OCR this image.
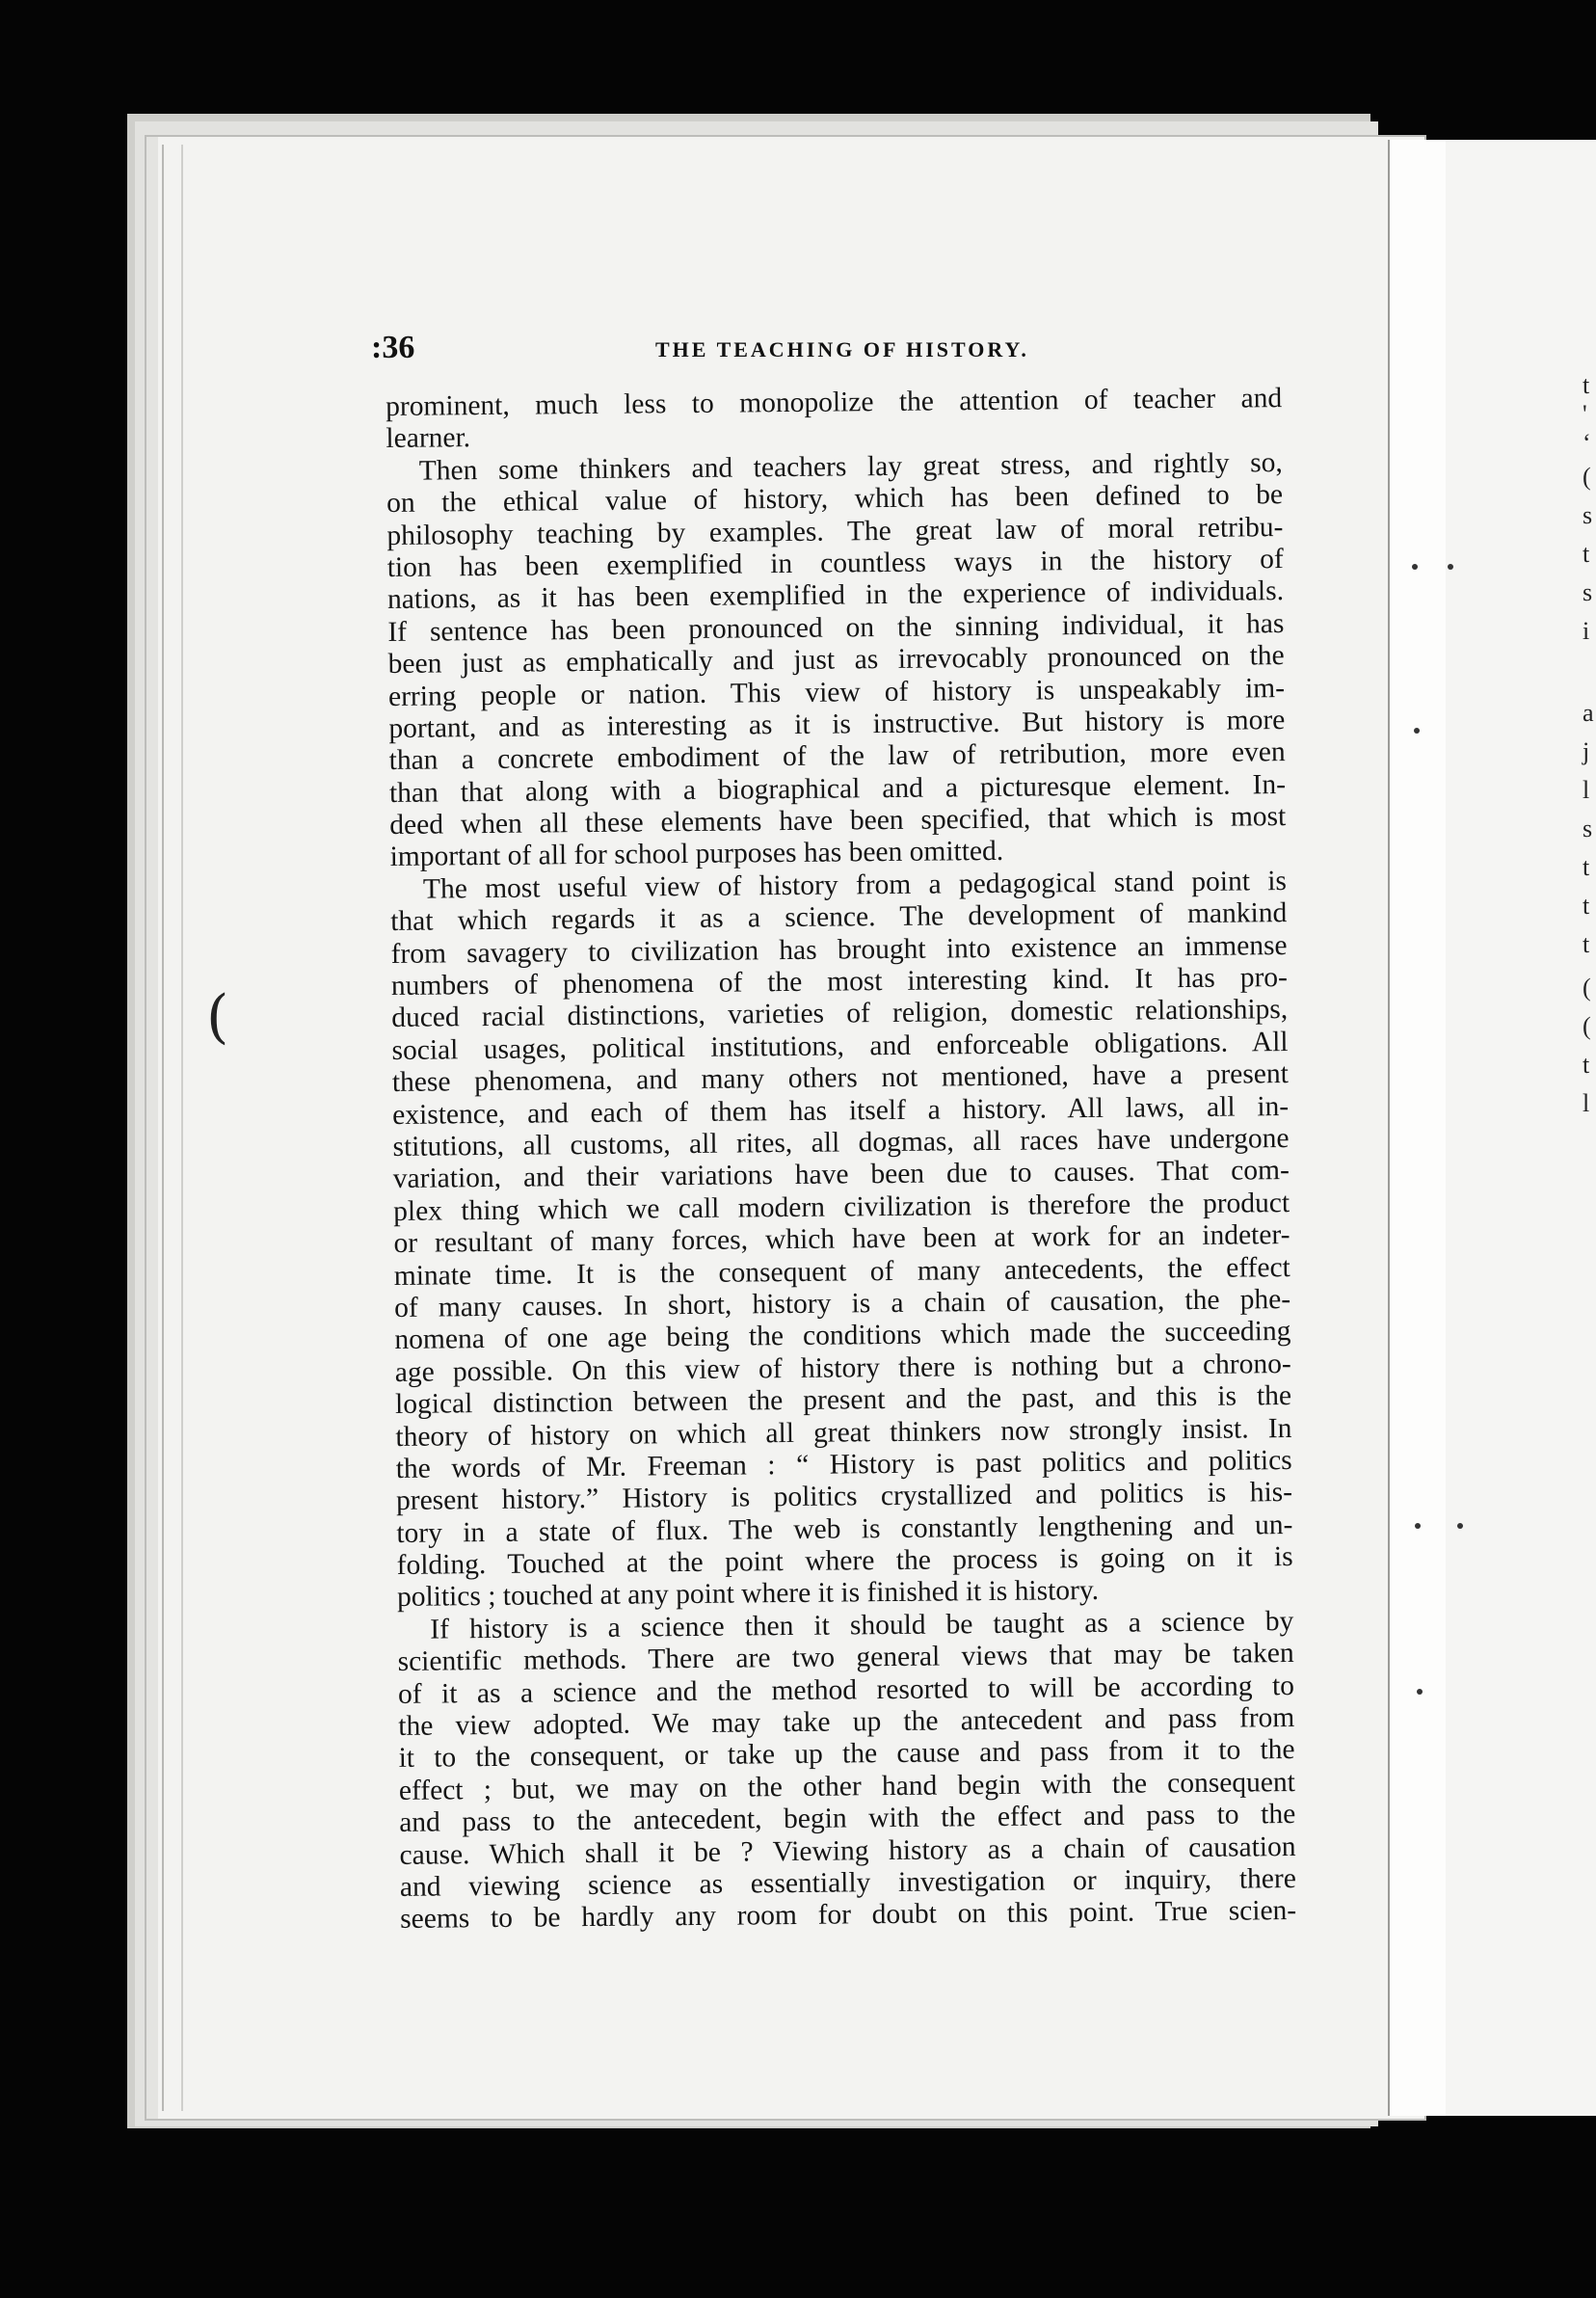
t
'
‘
(
s
t
s
i
a
j
l
s
t
t
t
(
(
t
l
:36	THE TEACHING OF HISTORY.
prominent, much less to monopolize the attention of teacher and
learner.
Then some thinkers and teachers lay great stress, and rightly so,
on the ethical value of history, which has been defined to be
philosophy teaching by examples. The great law of moral retribu-
tion has been exemplified in countless ways in the history of
nations, as it has been exemplified in the experience of individuals.
If sentence has been pronounced on the sinning individual, it has
been just as emphatically and just as irrevocably pronounced on the
erring people or nation. This view of history is unspeakably im-
portant, and as interesting as it is instructive. But history is more
than a concrete embodiment of the law of retribution, more even
than that along with a biographical and a picturesque element. In-
deed when all these elements have been specified, that which is most
important of all for school purposes has been omitted.
The most useful view of history from a pedagogical stand point is
that which regards it as a science. The development of mankind
from savagery to civilization has brought into existence an immense
numbers of phenomena of the most interesting kind. It has pro-
duced racial distinctions, varieties of religion, domestic relationships,
social usages, political institutions, and enforceable obligations. All
these phenomena, and many others not mentioned, have a present
existence, and each of them has itself a history. All laws, all in-
stitutions, all customs, all rites, all dogmas, all races have undergone
variation, and their variations have been due to causes. That com-
plex thing which we call modern civilization is therefore the product
or resultant of many forces, which have been at work for an indeter-
minate time. It is the consequent of many antecedents, the effect
of many causes. In short, history is a chain of causation, the phe-
nomena of one age being the conditions which made the succeeding
age possible. On this view of history there is nothing but a chrono-
logical distinction between the present and the past, and this is the
theory of history on which all great thinkers now strongly insist. In
the words of Mr. Freeman : “ History is past politics and politics
present history.” History is politics crystallized and politics is his-
tory in a state of flux. The web is constantly lengthening and un-
folding. Touched at the point where the process is going on it is
politics ; touched at any point where it is finished it is history.
If history is a science then it should be taught as a science by
scientific methods. There are two general views that may be taken
of it as a science and the method resorted to will be according to
the view adopted. We may take up the antecedent and pass from
it to the consequent, or take up the cause and pass from it to the
effect ; but, we may on the other hand begin with the consequent
and pass to the antecedent, begin with the effect and pass to the
cause. Which shall it be ? Viewing history as a chain of causation
and viewing science as essentially investigation or inquiry, there
seems to be hardly any room for doubt on this point. True scien-
(
